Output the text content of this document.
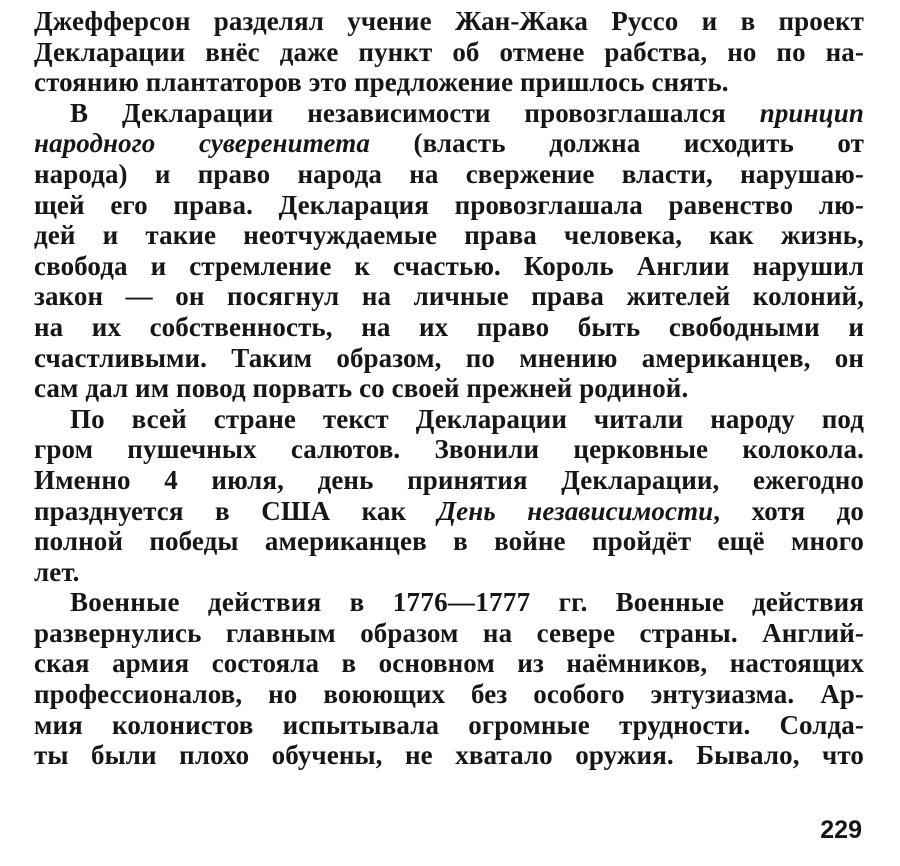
Джефферсон разделял учение Жан-Жака Руссо и в проект
Декларации внёс даже пункт об отмене рабства, но по на-
стоянию плантаторов это предложение пришлось снять.
В Декларации независимости провозглашался принцип
народного суверенитета (власть должна исходить от
народа) и право народа на свержение власти, нарушаю-
щей его права. Декларация провозглашала равенство лю-
дей и такие неотчуждаемые права человека, как жизнь,
свобода и стремление к счастью. Король Англии нарушил
закон — он посягнул на личные права жителей колоний,
на их собственность, на их право быть свободными и
счастливыми. Таким образом, по мнению американцев, он
сам дал им повод порвать со своей прежней родиной.
По всей стране текст Декларации читали народу под
гром пушечных салютов. Звонили церковные колокола.
Именно 4 июля, день принятия Декларации, ежегодно
празднуется в США как День независимости, хотя до
полной победы американцев в войне пройдёт ещё много
лет.
Военные действия в 1776—1777 гг. Военные действия
развернулись главным образом на севере страны. Англий-
ская армия состояла в основном из наёмников, настоящих
профессионалов, но воюющих без особого энтузиазма. Ар-
мия колонистов испытывала огромные трудности. Солда-
ты были плохо обучены, не хватало оружия. Бывало, что
229
